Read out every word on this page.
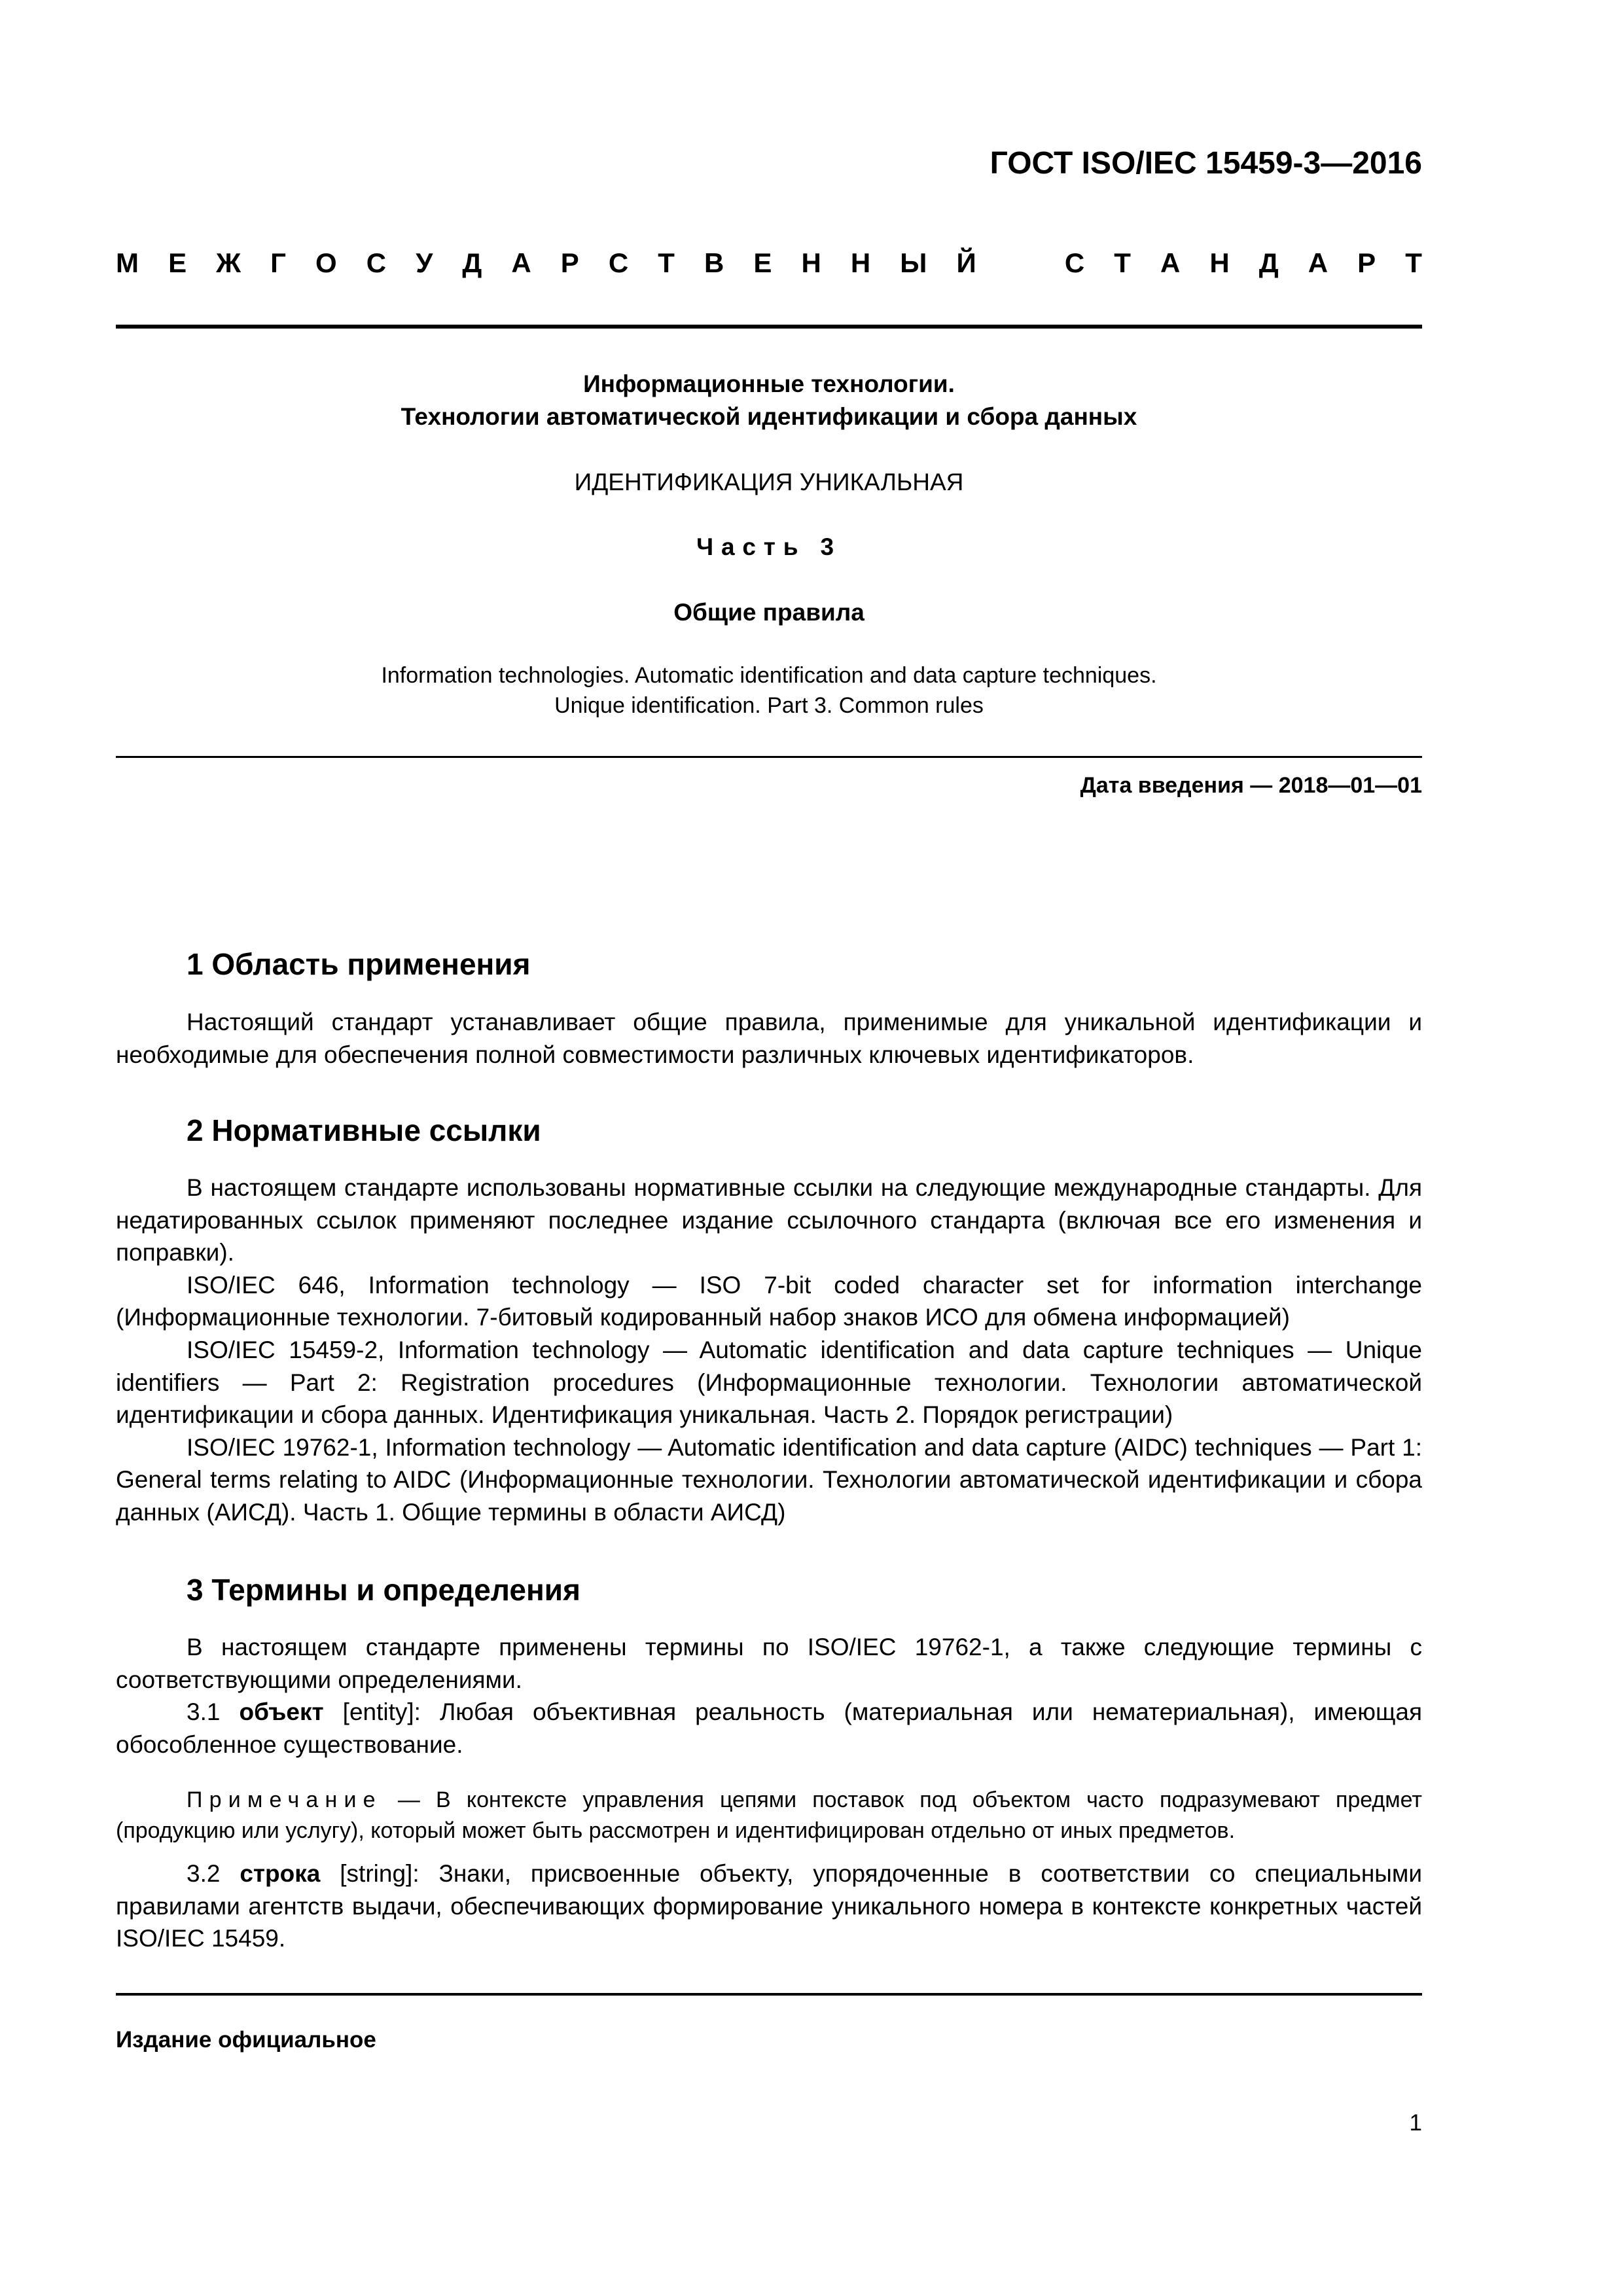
ГОСТ ISO/IEC 15459-3—2016
М Е Ж Г О С У Д А Р С Т В Е Н Н Ы Й	С Т А Н Д А Р Т
Информационные технологии.
Технологии автоматической идентификации и сбора данных
ИДЕНТИФИКАЦИЯ УНИКАЛЬНАЯ
Часть 3
Общие правила
Information technologies. Automatic identification and data capture techniques.
Unique identification. Part 3. Common rules
Дата введения — 2018—01—01
1 Область применения

Настоящий стандарт устанавливает общие правила, применимые для уникальной идентификации и необходимые для обеспечения полной совместимости различных ключевых идентификаторов.

2 Нормативные ссылки

В настоящем стандарте использованы нормативные ссылки на следующие международные стандарты. Для недатированных ссылок применяют последнее издание ссылочного стандарта (включая все его изменения и поправки).

ISO/IEC 646, Information technology — ISO 7-bit coded character set for information interchange (Информационные технологии. 7-битовый кодированный набор знаков ИСО для обмена информацией)

ISO/IEC 15459-2, Information technology — Automatic identification and data capture techniques — Unique identifiers — Part 2: Registration procedures (Информационные технологии. Технологии автоматической идентификации и сбора данных. Идентификация уникальная. Часть 2. Порядок регистрации)

ISO/IEC 19762-1, Information technology — Automatic identification and data capture (AIDC) techniques — Part 1: General terms relating to AIDC (Информационные технологии. Технологии автоматической идентификации и сбора данных (АИСД). Часть 1. Общие термины в области АИСД)

3 Термины и определения

В настоящем стандарте применены термины по ISO/IEC 19762-1, а также следующие термины с соответствующими определениями.

3.1 объект [entity]: Любая объективная реальность (материальная или нематериальная), имеющая обособленное существование.

Примечание — В контексте управления цепями поставок под объектом часто подразумевают предмет (продукцию или услугу), который может быть рассмотрен и идентифицирован отдельно от иных предметов.

3.2 строка [string]: Знаки, присвоенные объекту, упорядоченные в соответствии со специальными правилами агентств выдачи, обеспечивающих формирование уникального номера в контексте конкретных частей ISO/IEC 15459.

Издание официальное
1
